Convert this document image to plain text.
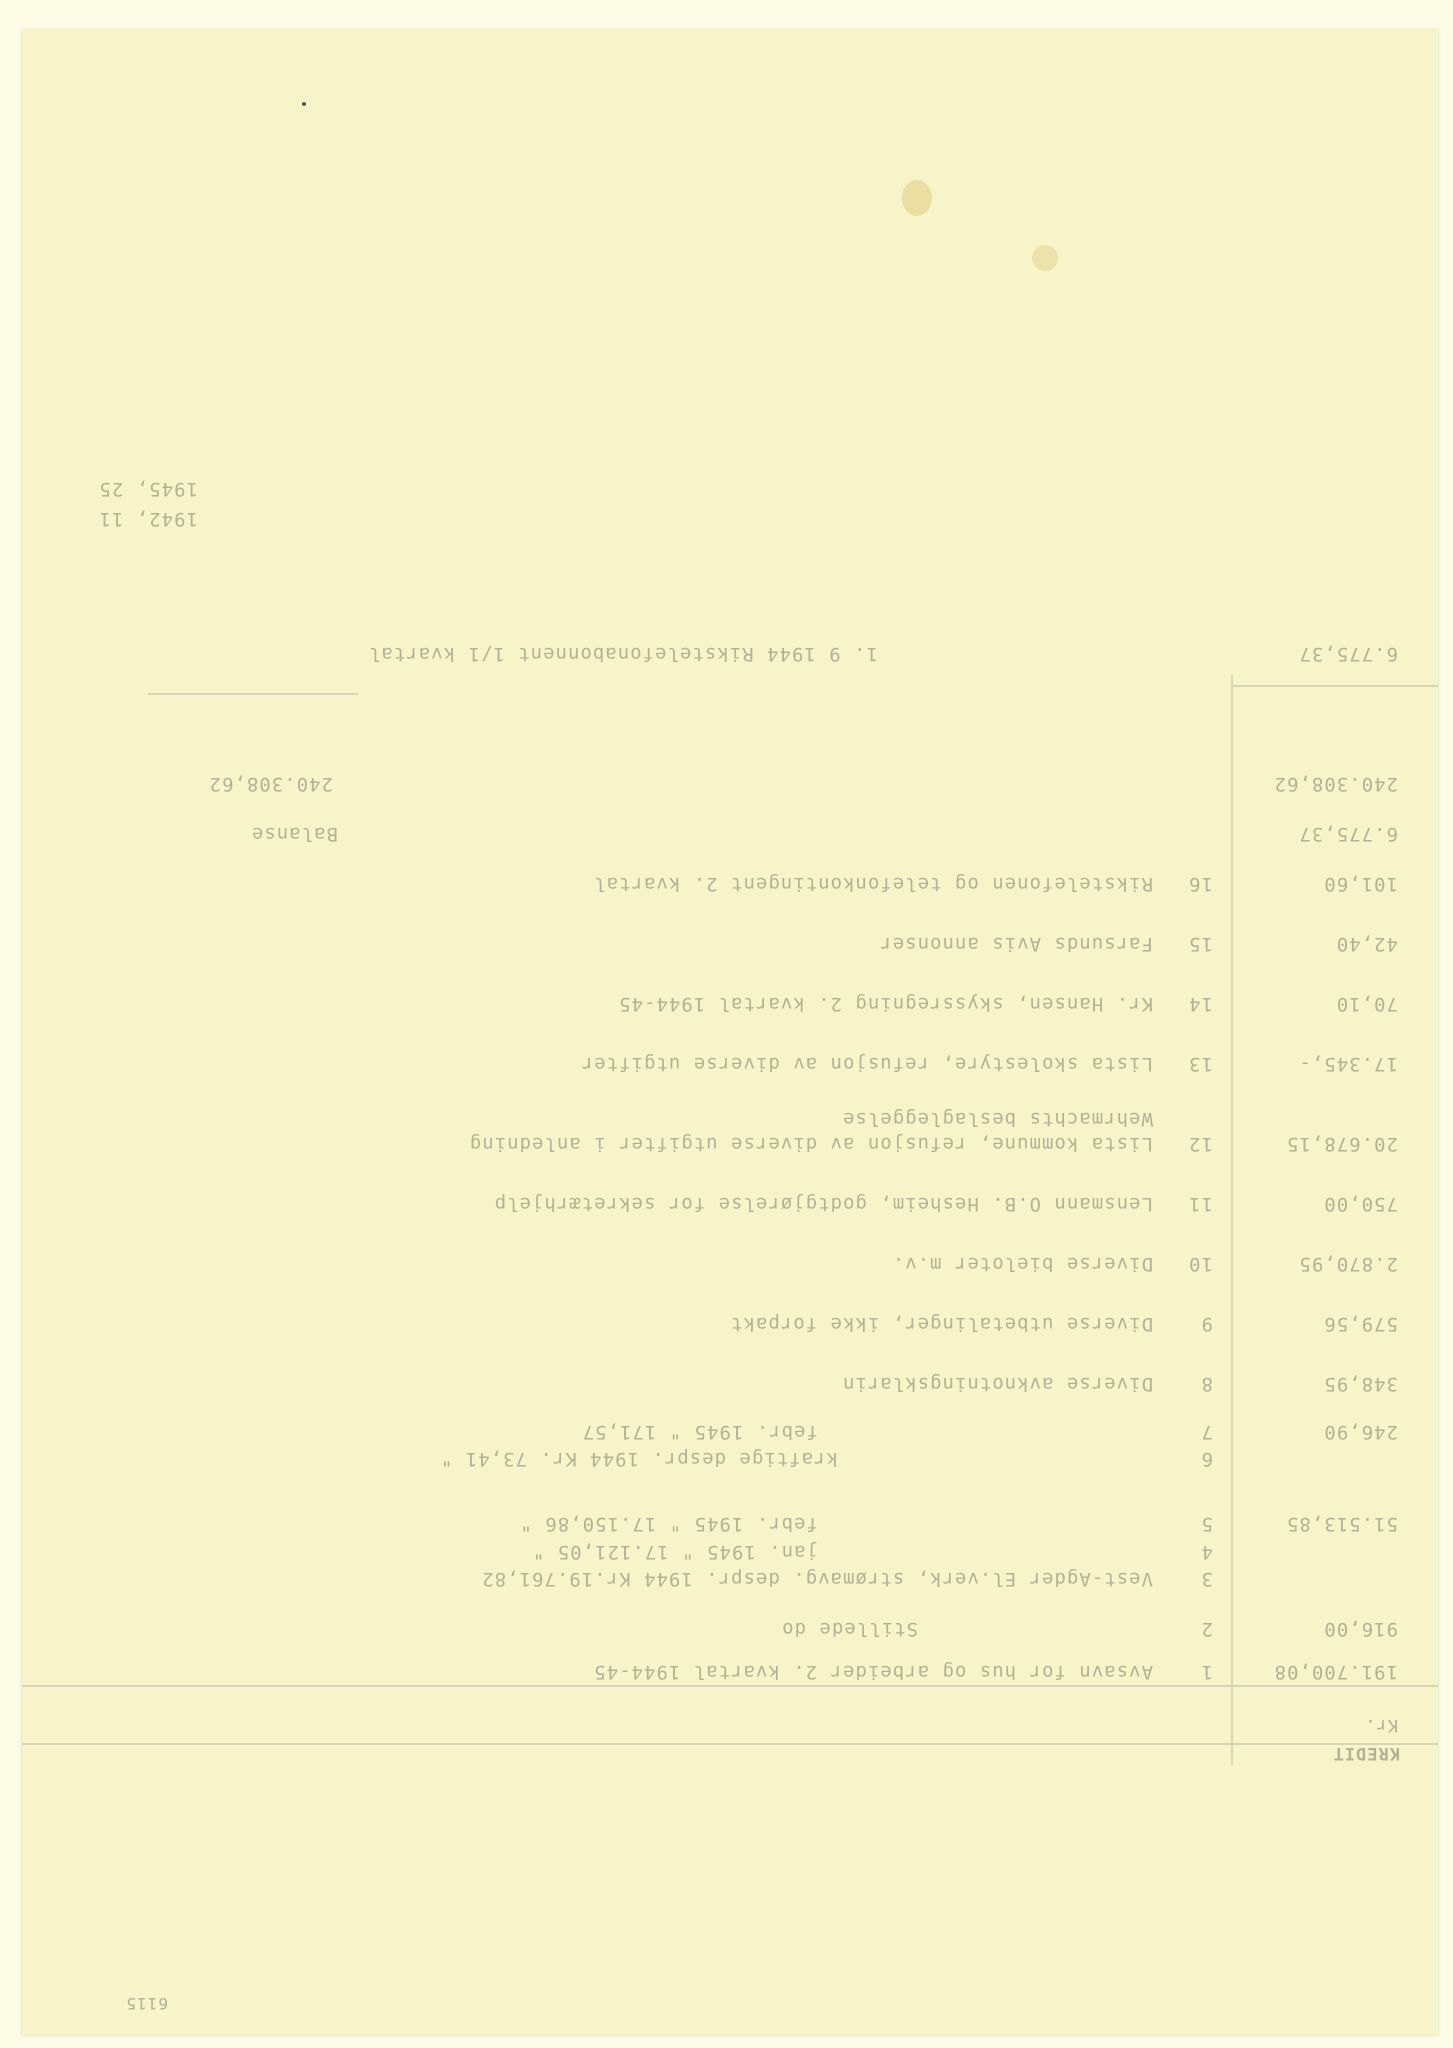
6115
KREDIT
Kr.
191.700,08
1
Avsavn for hus og arbeider 2. kvartal 1944-45
916,00
2
Stillede do
3
Vest-Agder El.verk, strømavg. despr. 1944 Kr.19.761,82
4
jan. 1945 " 17.121,05 "
51.513,85
5
febr. 1945 " 17.150,86 "
6
kraftige despr. 1944 Kr. 73,41 "
246,90
7
febr. 1945 " 171,57
348,95
8
Diverse avknotningsklarin
579,56
9
Diverse utbetalinger, ikke forpakt
2.870,95
10
Diverse bieloter m.v.
750,00
11
Lensmann O.B. Hesheim, godtgjørelse for sekretærhjelp
20.678,15
12
Lista kommune, refusjon av diverse utgifter i anledning
Wehrmachts beslagleggelse
17.345,-
13
Lista skolestyre, refusjon av diverse utgifter
70,10
14
Kr. Hansen, skyssregning 2. kvartal 1944-45
42,40
15
Farsunds Avis annonser
101,60
16
Rikstelefonen og telefonkontingent 2. kvartal
6.775,37
Balanse
240.308,62
240.308,62
6.775,37
1. 9 1944 Rikstelefonabonnent 1/1 kvartal
1942, 11
1945, 25
